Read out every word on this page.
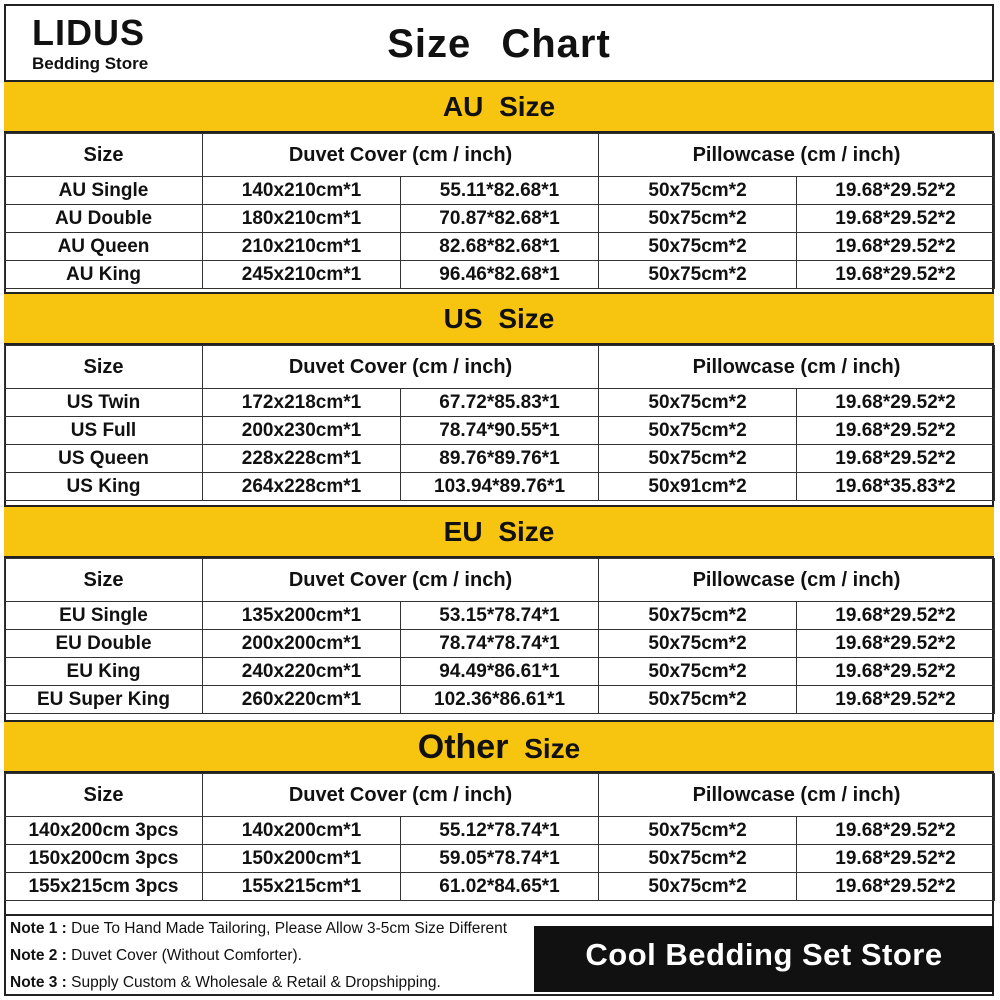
LIDUS
Bedding Store	Size Chart
AU Size
Size	Duvet Cover (cm / inch)		Pillowcase (cm / inch)	
AU Single	140x210cm*1	55.11*82.68*1	50x75cm*2	19.68*29.52*2
AU Double	180x210cm*1	70.87*82.68*1	50x75cm*2	19.68*29.52*2
AU Queen	210x210cm*1	82.68*82.68*1	50x75cm*2	19.68*29.52*2
AU King	245x210cm*1	96.46*82.68*1	50x75cm*2	19.68*29.52*2
US Size
Size	Duvet Cover (cm / inch)		Pillowcase (cm / inch)	
US Twin	172x218cm*1	67.72*85.83*1	50x75cm*2	19.68*29.52*2
US Full	200x230cm*1	78.74*90.55*1	50x75cm*2	19.68*29.52*2
US Queen	228x228cm*1	89.76*89.76*1	50x75cm*2	19.68*29.52*2
US King	264x228cm*1	103.94*89.76*1	50x91cm*2	19.68*35.83*2
EU Size
Size	Duvet Cover (cm / inch)		Pillowcase (cm / inch)	
EU Single	135x200cm*1	53.15*78.74*1	50x75cm*2	19.68*29.52*2
EU Double	200x200cm*1	78.74*78.74*1	50x75cm*2	19.68*29.52*2
EU King	240x220cm*1	94.49*86.61*1	50x75cm*2	19.68*29.52*2
EU Super King	260x220cm*1	102.36*86.61*1	50x75cm*2	19.68*29.52*2
Other Size
Size	Duvet Cover (cm / inch)		Pillowcase (cm / inch)	
140x200cm 3pcs	140x200cm*1	55.12*78.74*1	50x75cm*2	19.68*29.52*2
150x200cm 3pcs	150x200cm*1	59.05*78.74*1	50x75cm*2	19.68*29.52*2
155x215cm 3pcs	155x215cm*1	61.02*84.65*1	50x75cm*2	19.68*29.52*2
Note 1 : Due To Hand Made Tailoring, Please Allow 3-5cm Size Different
Note 2 : Duvet Cover (Without Comforter).
Note 3 : Supply Custom & Wholesale & Retail & Dropshipping.
Cool Bedding Set Store
